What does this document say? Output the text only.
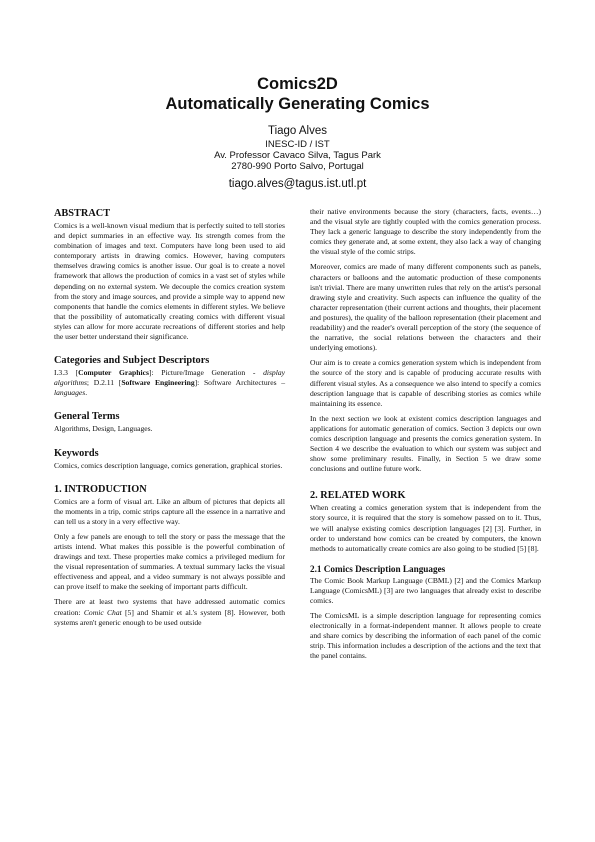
Comics2D
Automatically Generating Comics
Tiago Alves
INESC-ID / IST
Av. Professor Cavaco Silva, Tagus Park
2780-990 Porto Salvo, Portugal
tiago.alves@tagus.ist.utl.pt
ABSTRACT

Comics is a well-known visual medium that is perfectly suited to tell stories and depict summaries in an effective way. Its strength comes from the combination of images and text. Computers have long been used to aid contemporary artists in drawing comics. However, having computers themselves drawing comics is another issue. Our goal is to create a novel framework that allows the production of comics in a vast set of styles while depending on no external system. We decouple the comics creation system from the story and image sources, and provide a simple way to append new components that handle the comics elements in different styles. We believe that the possibility of automatically creating comics with different visual styles can allow for more accurate recreations of different stories and help the user better understand their significance.

Categories and Subject Descriptors

I.3.3 [Computer Graphics]: Picture/Image Generation - display algorithms; D.2.11 [Software Engineering]: Software Architectures – languages.

General Terms

Algorithms, Design, Languages.

Keywords

Comics, comics description language, comics generation, graphical stories.

1. INTRODUCTION

Comics are a form of visual art. Like an album of pictures that depicts all the moments in a trip, comic strips capture all the essence in a narrative and can tell us a story in a very effective way.

Only a few panels are enough to tell the story or pass the message that the artists intend. What makes this possible is the powerful combination of drawings and text. These properties make comics a privileged medium for the visual representation of summaries. A textual summary lacks the visual effectiveness and appeal, and a video summary is not always possible and can prove itself to make the seeking of important parts difficult.

There are at least two systems that have addressed automatic comics creation: Comic Chat [5] and Shamir et al.'s system [8]. However, both systems aren't generic enough to be used outside

their native environments because the story (characters, facts, events…) and the visual style are tightly coupled with the comics generation process. They lack a generic language to describe the story independently from the comics they generate and, at some extent, they also lack a way of changing the visual style of the comic strips.

Moreover, comics are made of many different components such as panels, characters or balloons and the automatic production of these components isn't trivial. There are many unwritten rules that rely on the artist's personal drawing style and creativity. Such aspects can influence the quality of the character representation (their current actions and thoughts, their placement and postures), the quality of the balloon representation (their placement and readability) and the reader's overall perception of the story (the sequence of the narrative, the social relations between the characters and their underlying emotions).

Our aim is to create a comics generation system which is independent from the source of the story and is capable of producing accurate results with different visual styles. As a consequence we also intend to specify a comics description language that is capable of describing stories as comics while maintaining its essence.

In the next section we look at existent comics description languages and applications for automatic generation of comics. Section 3 depicts our own comics description language and presents the comics generation system. In Section 4 we describe the evaluation to which our system was subject and show some preliminary results. Finally, in Section 5 we draw some conclusions and outline future work.

2. RELATED WORK

When creating a comics generation system that is independent from the story source, it is required that the story is somehow passed on to it. Thus, we will analyse existing comics description languages [2] [3]. Further, in order to understand how comics can be created by computers, the known methods to automatically create comics are also going to be studied [5] [8].

2.1 Comics Description Languages

The Comic Book Markup Language (CBML) [2] and the Comics Markup Language (ComicsML) [3] are two languages that already exist to describe comics.

The ComicsML is a simple description language for representing comics electronically in a format-independent manner. It allows people to create and share comics by describing the information of each panel of the comic strip. This information includes a description of the actions and the text that the panel contains.
